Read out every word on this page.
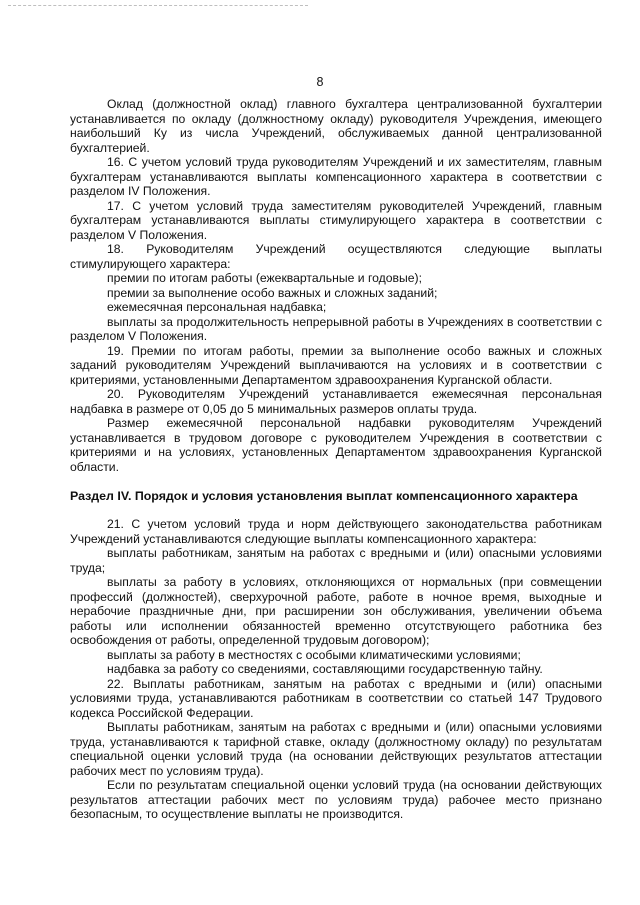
8

Оклад (должностной оклад) главного бухгалтера централизованной бухгалтерии устанавливается по окладу (должностному окладу) руководителя Учреждения, имеющего наибольший Ку из числа Учреждений, обслуживаемых данной централизованной бухгалтерией.

16. С учетом условий труда руководителям Учреждений и их заместителям, главным бухгалтерам устанавливаются выплаты компенсационного характера в соответствии с разделом IV Положения.

17. С учетом условий труда заместителям руководителей Учреждений, главным бухгалтерам устанавливаются выплаты стимулирующего характера в соответствии с разделом V Положения.

18. Руководителям Учреждений осуществляются следующие выплаты стимулирующего характера:

премии по итогам работы (ежеквартальные и годовые);

премии за выполнение особо важных и сложных заданий;

ежемесячная персональная надбавка;

выплаты за продолжительность непрерывной работы в Учреждениях в соответствии с разделом V Положения.

19. Премии по итогам работы, премии за выполнение особо важных и сложных заданий руководителям Учреждений выплачиваются на условиях и в соответствии с критериями, установленными Департаментом здравоохранения Курганской области.

20. Руководителям Учреждений устанавливается ежемесячная персональная надбавка в размере от 0,05 до 5 минимальных размеров оплаты труда.

Размер ежемесячной персональной надбавки руководителям Учреждений устанавливается в трудовом договоре с руководителем Учреждения в соответствии с критериями и на условиях, установленных Департаментом здравоохранения Курганской области.

Раздел IV. Порядок и условия установления выплат компенсационного характера

21. С учетом условий труда и норм действующего законодательства работникам Учреждений устанавливаются следующие выплаты компенсационного характера:

выплаты работникам, занятым на работах с вредными и (или) опасными условиями труда;

выплаты за работу в условиях, отклоняющихся от нормальных (при совмещении профессий (должностей), сверхурочной работе, работе в ночное время, выходные и нерабочие праздничные дни, при расширении зон обслуживания, увеличении объема работы или исполнении обязанностей временно отсутствующего работника без освобождения от работы, определенной трудовым договором);

выплаты за работу в местностях с особыми климатическими условиями;

надбавка за работу со сведениями, составляющими государственную тайну.

22. Выплаты работникам, занятым на работах с вредными и (или) опасными условиями труда, устанавливаются работникам в соответствии со статьей 147 Трудового кодекса Российской Федерации.

Выплаты работникам, занятым на работах с вредными и (или) опасными условиями труда, устанавливаются к тарифной ставке, окладу (должностному окладу) по результатам специальной оценки условий труда (на основании действующих результатов аттестации рабочих мест по условиям труда).

Если по результатам специальной оценки условий труда (на основании действующих результатов аттестации рабочих мест по условиям труда) рабочее место признано безопасным, то осуществление выплаты не производится.
